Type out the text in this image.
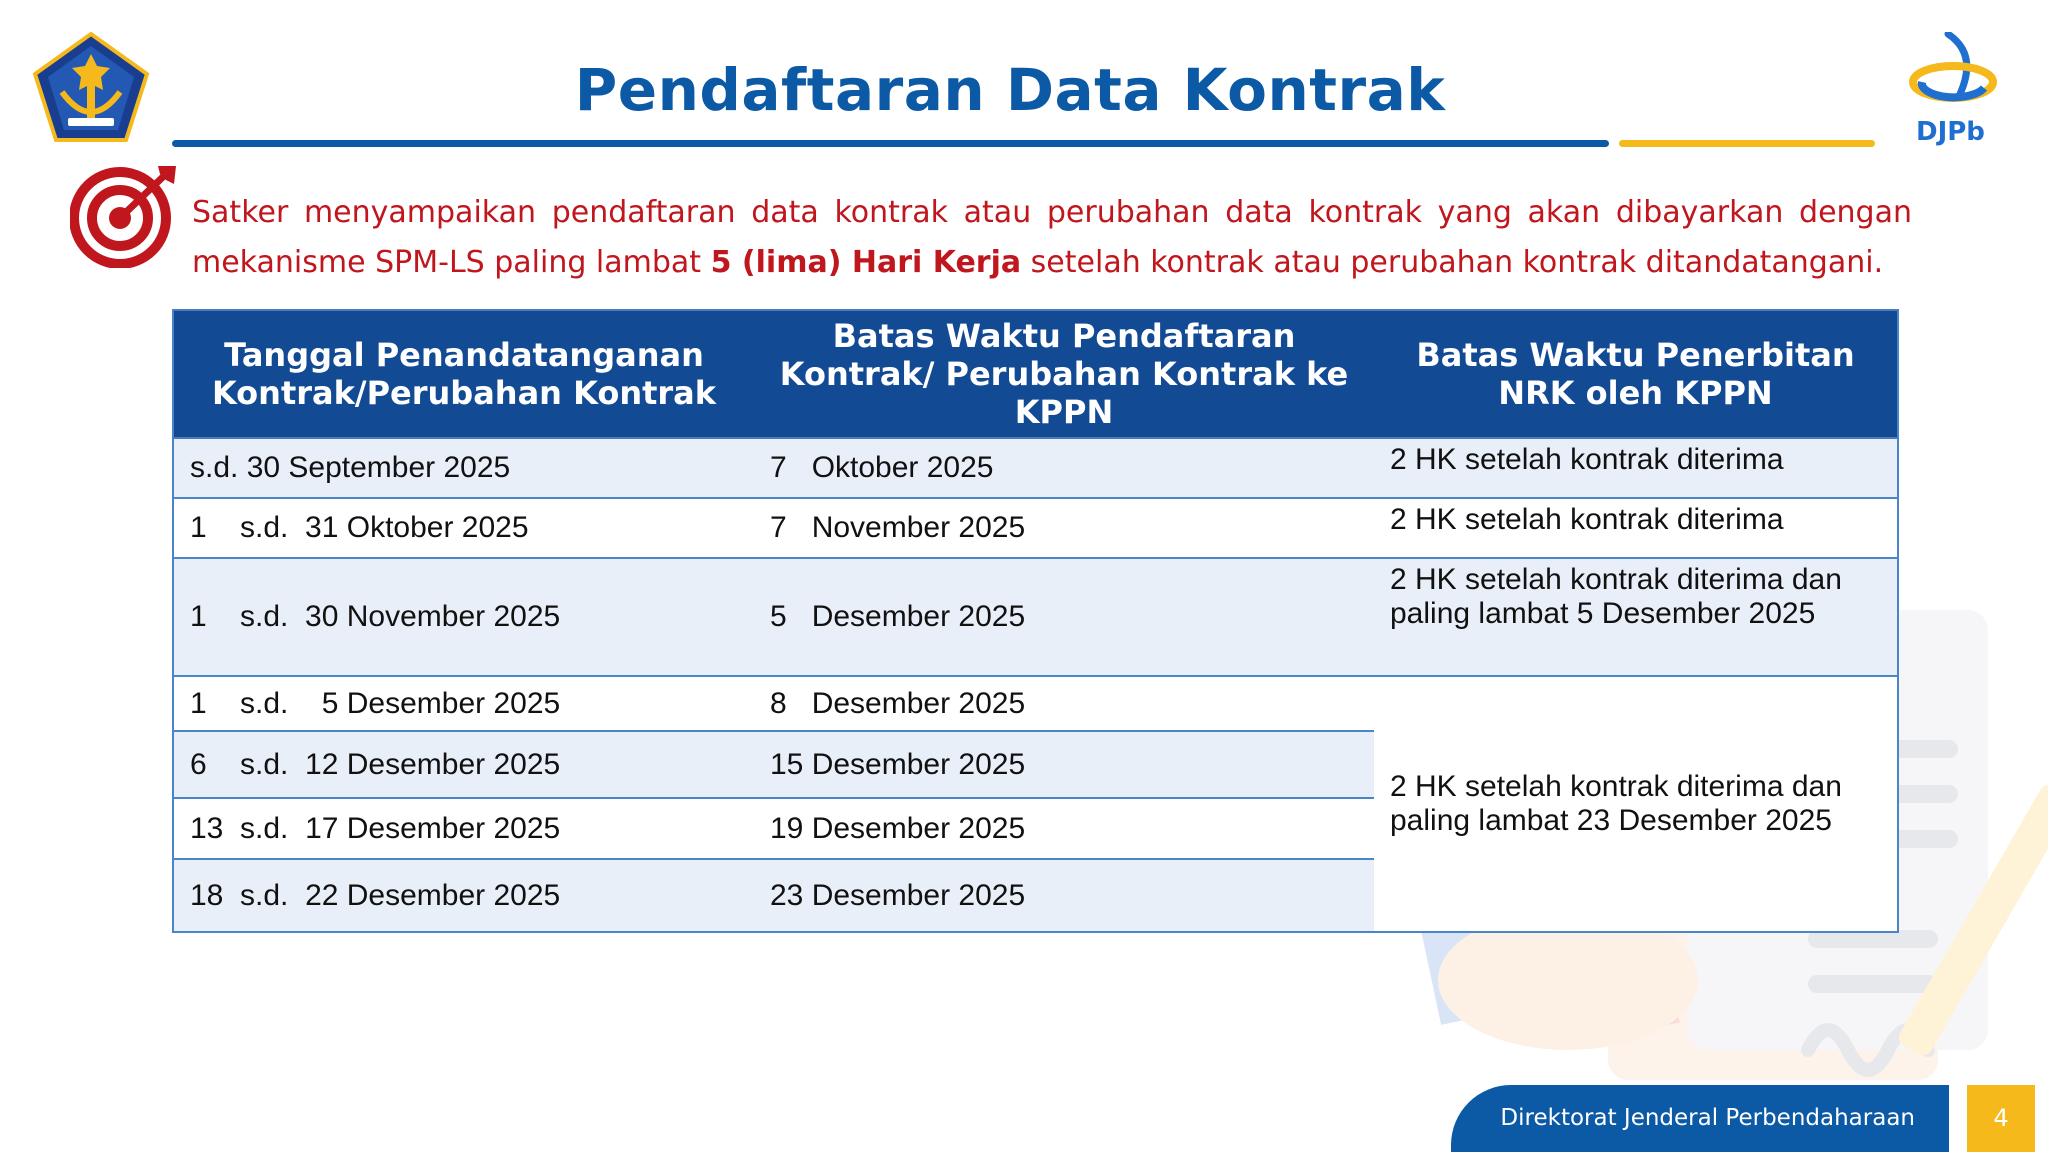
DJPb
Pendaftaran Data Kontrak
Satker menyampaikan pendaftaran data kontrak atau perubahan data kontrak yang akan dibayarkan dengan mekanisme SPM-LS paling lambat 5 (lima) Hari Kerja setelah kontrak atau perubahan kontrak ditandatangani.
Tanggal Penandatanganan Kontrak/Perubahan Kontrak	Batas Waktu Pendaftaran Kontrak/ Perubahan Kontrak ke KPPN	Batas Waktu Penerbitan NRK oleh KPPN
s.d. 30 September 2025	7   Oktober 2025	2 HK setelah kontrak diterima
1    s.d.  31 Oktober 2025	7   November 2025	2 HK setelah kontrak diterima
1    s.d.  30 November 2025	5   Desember 2025	2 HK setelah kontrak diterima dan paling lambat 5 Desember 2025
1    s.d.    5 Desember 2025	8   Desember 2025	2 HK setelah kontrak diterima dan paling lambat 23 Desember 2025
6    s.d.  12 Desember 2025	15 Desember 2025	
13  s.d.  17 Desember 2025	19 Desember 2025	
18  s.d.  22 Desember 2025	23 Desember 2025	
Direktorat Jenderal Perbendaharaan	4
